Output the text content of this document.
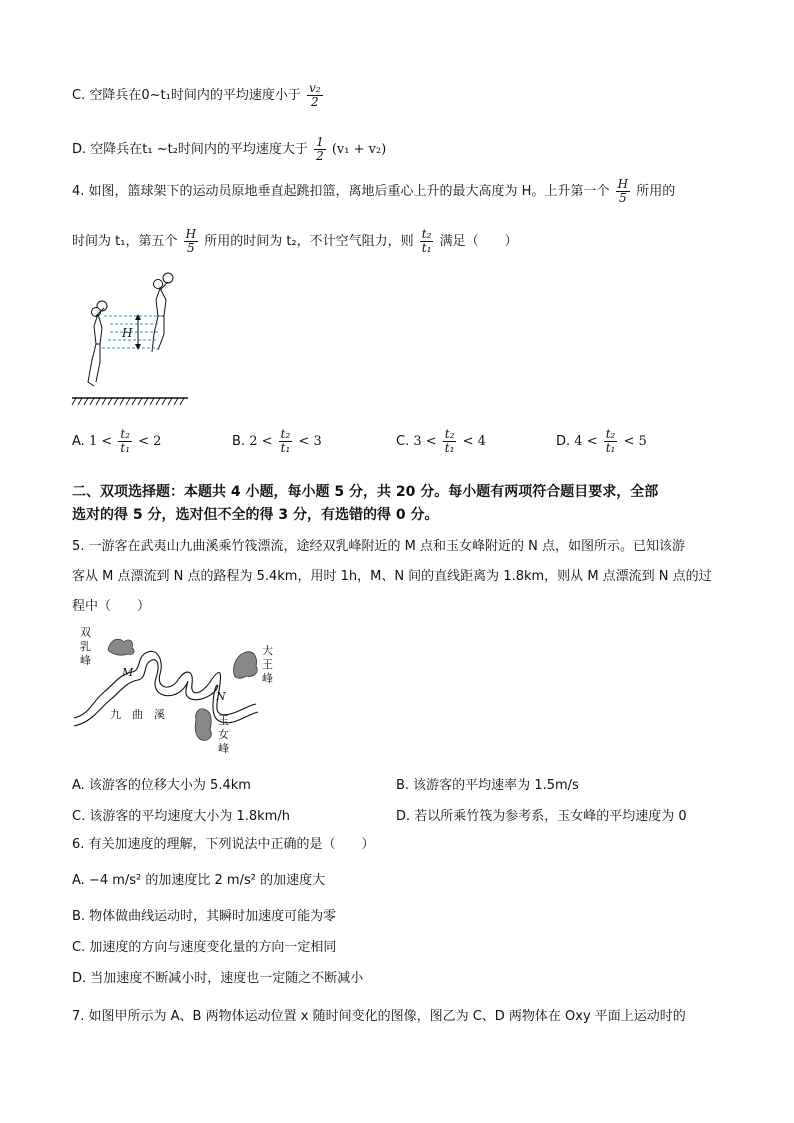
C. 空降兵在0~t₁时间内的平均速度小于 $\frac{\text{v₂}}{2}$
D. 空降兵在t₁ ~t₂时间内的平均速度大于 $\frac{1}{2} (v_1 + v_2)$
4. 如图，篮球架下的运动员原地垂直起跳扣篮，离地后重心上升的最大高度为 H。上升第一个 $\frac{H}{5}$ 所用的
时间为 t₁，第五个 $\frac{H}{5}$ 所用的时间为 t₂，不计空气阻力，则 $\frac{\text{t₂}}{\text{t₁}}$ 满足（　　）
H
A. $1 < \frac{\text{t₂}}{\text{t₁}} < 2$	B. $2 < \frac{\text{t₂}}{\text{t₁}} < 3$	C. $3 < \frac{\text{t₂}}{\text{t₁}} < 4$	D. $4 < \frac{\text{t₂}}{\text{t₁}} < 5$
二、双项选择题：本题共 4 小题，每小题 5 分，共 20 分。每小题有两项符合题目要求，全部
选对的得 5 分，选对但不全的得 3 分，有选错的得 0 分。
5. 一游客在武夷山九曲溪乘竹筏漂流，途经双乳峰附近的 M 点和玉女峰附近的 N 点，如图所示。已知该游
客从 M 点漂流到 N 点的路程为 5.4km，用时 1h，M、N 间的直线距离为 1.8km，则从 M 点漂流到 N 点的过
程中（　　）
双
乳
峰
大
王
峰
玉
女
峰
九　曲　溪
M
N
A. 该游客的位移大小为 5.4km	B. 该游客的平均速率为 1.5m/s
C. 该游客的平均速度大小为 1.8km/h	D. 若以所乘竹筏为参考系，玉女峰的平均速度为 0
6. 有关加速度的理解，下列说法中正确的是（　　）
A. −4 m/s² 的加速度比 2 m/s² 的加速度大
B. 物体做曲线运动时，其瞬时加速度可能为零
C. 加速度的方向与速度变化量的方向一定相同
D. 当加速度不断减小时，速度也一定随之不断减小
7. 如图甲所示为 A、B 两物体运动位置 x 随时间变化的图像，图乙为 C、D 两物体在 Oxy 平面上运动时的
